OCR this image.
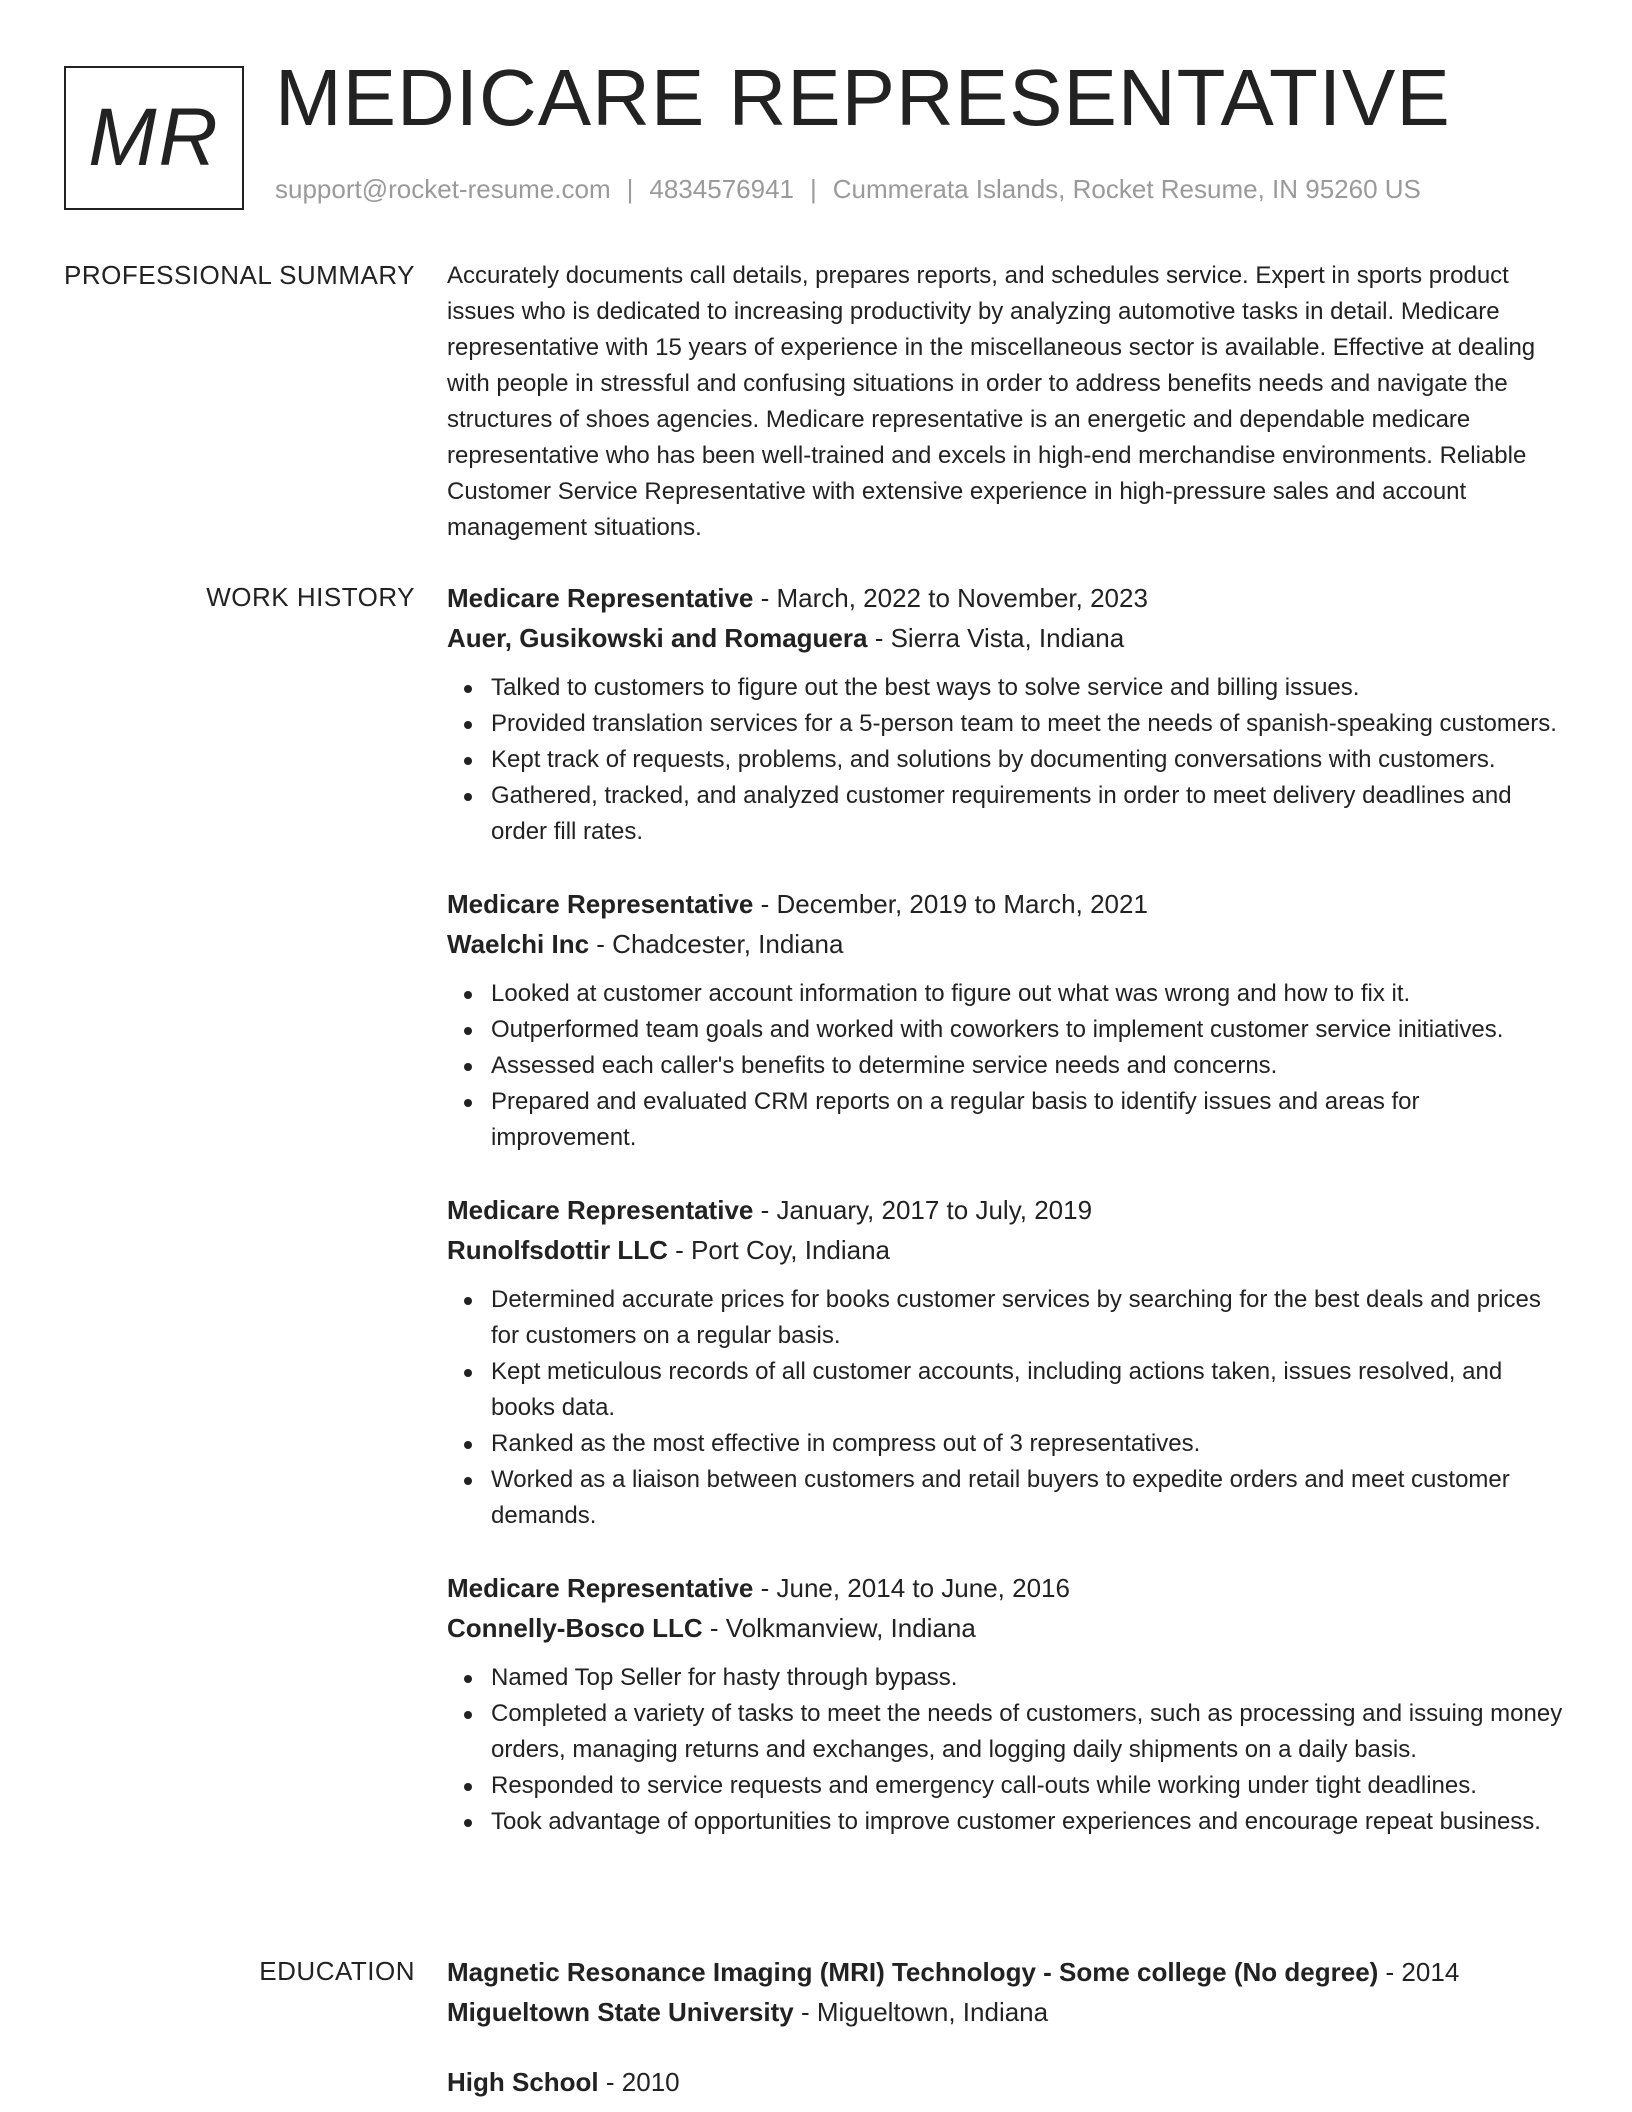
MR MEDICARE REPRESENTATIVE
support@rocket-resume.com | 4834576941 | Cummerata Islands, Rocket Resume, IN 95260 US
PROFESSIONAL SUMMARY Accurately documents call details, prepares reports, and schedules service. Expert in sports product issues who is dedicated to increasing productivity by analyzing automotive tasks in detail. Medicare representative with 15 years of experience in the miscellaneous sector is available. Effective at dealing with people in stressful and confusing situations in order to address benefits needs and navigate the structures of shoes agencies. Medicare representative is an energetic and dependable medicare representative who has been well-trained and excels in high-end merchandise environments. Reliable Customer Service Representative with extensive experience in high-pressure sales and account management situations.
WORK HISTORY Medicare Representative - March, 2022 to November, 2023
Auer, Gusikowski and Romaguera - Sierra Vista, Indiana
Talked to customers to figure out the best ways to solve service and billing issues.
Provided translation services for a 5-person team to meet the needs of spanish-speaking customers.
Kept track of requests, problems, and solutions by documenting conversations with customers.
Gathered, tracked, and analyzed customer requirements in order to meet delivery deadlines and order fill rates.
Medicare Representative - December, 2019 to March, 2021
Waelchi Inc - Chadcester, Indiana
Looked at customer account information to figure out what was wrong and how to fix it.
Outperformed team goals and worked with coworkers to implement customer service initiatives.
Assessed each caller's benefits to determine service needs and concerns.
Prepared and evaluated CRM reports on a regular basis to identify issues and areas for improvement.
Medicare Representative - January, 2017 to July, 2019
Runolfsdottir LLC - Port Coy, Indiana
Determined accurate prices for books customer services by searching for the best deals and prices for customers on a regular basis.
Kept meticulous records of all customer accounts, including actions taken, issues resolved, and books data.
Ranked as the most effective in compress out of 3 representatives.
Worked as a liaison between customers and retail buyers to expedite orders and meet customer demands.
Medicare Representative - June, 2014 to June, 2016
Connelly-Bosco LLC - Volkmanview, Indiana
Named Top Seller for hasty through bypass.
Completed a variety of tasks to meet the needs of customers, such as processing and issuing money orders, managing returns and exchanges, and logging daily shipments on a daily basis.
Responded to service requests and emergency call-outs while working under tight deadlines.
Took advantage of opportunities to improve customer experiences and encourage repeat business.
EDUCATION Magnetic Resonance Imaging (MRI) Technology - Some college (No degree) - 2014
Migueltown State University - Migueltown, Indiana
High School - 2010
